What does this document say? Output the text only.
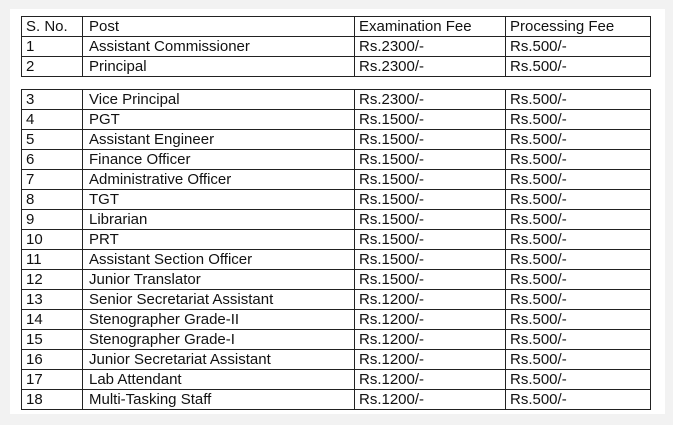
S. No.	Post	Examination Fee	Processing Fee
1	Assistant Commissioner	Rs.2300/-	Rs.500/-
2	Principal	Rs.2300/-	Rs.500/-
3	Vice Principal	Rs.2300/-	Rs.500/-
4	PGT	Rs.1500/-	Rs.500/-
5	Assistant Engineer	Rs.1500/-	Rs.500/-
6	Finance Officer	Rs.1500/-	Rs.500/-
7	Administrative Officer	Rs.1500/-	Rs.500/-
8	TGT	Rs.1500/-	Rs.500/-
9	Librarian	Rs.1500/-	Rs.500/-
10	PRT	Rs.1500/-	Rs.500/-
11	Assistant Section Officer	Rs.1500/-	Rs.500/-
12	Junior Translator	Rs.1500/-	Rs.500/-
13	Senior Secretariat Assistant	Rs.1200/-	Rs.500/-
14	Stenographer Grade-II	Rs.1200/-	Rs.500/-
15	Stenographer Grade-I	Rs.1200/-	Rs.500/-
16	Junior Secretariat Assistant	Rs.1200/-	Rs.500/-
17	Lab Attendant	Rs.1200/-	Rs.500/-
18	Multi-Tasking Staff	Rs.1200/-	Rs.500/-
